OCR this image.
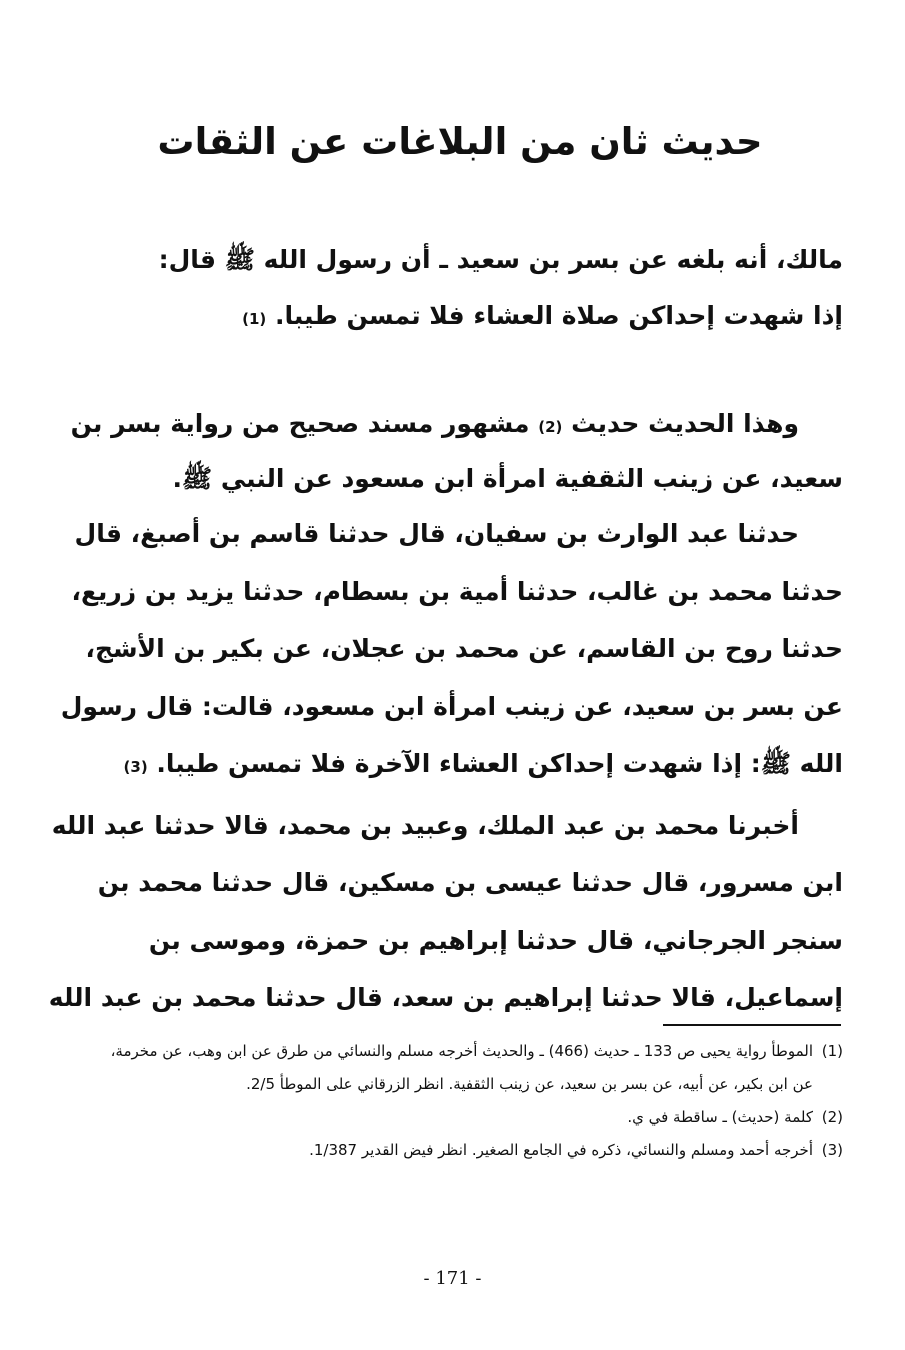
حديث ثان من البلاغات عن الثقات
مالك، أنه بلغه عن بسر بن سعيد ـ أن رسول الله ﷺ قال:
إذا شهدت إحداكن صلاة العشاء فلا تمسن طيبا. (1)
وهذا الحديث حديث (2) مشهور مسند صحيح من رواية بسر بن
سعيد، عن زينب الثقفية امرأة ابن مسعود عن النبي ﷺ.
حدثنا عبد الوارث بن سفيان، قال حدثنا قاسم بن أصبغ، قال
حدثنا محمد بن غالب، حدثنا أمية بن بسطام، حدثنا يزيد بن زريع،
حدثنا روح بن القاسم، عن محمد بن عجلان، عن بكير بن الأشج،
عن بسر بن سعيد، عن زينب امرأة ابن مسعود، قالت: قال رسول
الله ﷺ: إذا شهدت إحداكن العشاء الآخرة فلا تمسن طيبا. (3)
أخبرنا محمد بن عبد الملك، وعبيد بن محمد، قالا حدثنا عبد الله
ابن مسرور، قال حدثنا عيسى بن مسكين، قال حدثنا محمد بن
سنجر الجرجاني، قال حدثنا إبراهيم بن حمزة، وموسى بن
إسماعيل، قالا حدثنا إبراهيم بن سعد، قال حدثنا محمد بن عبد الله
(1)
الموطأ رواية يحيى ص 133 ـ حديث (466) ـ والحديث أخرجه مسلم والنسائي من طرق عن ابن وهب، عن مخرمة، عن ابن بكير، عن أبيه، عن بسر بن سعيد، عن زينب الثقفية. انظر الزرقاني على الموطأ 2/5.
(2)
كلمة (حديث) ـ ساقطة في ي.
(3)
أخرجه أحمد ومسلم والنسائي، ذكره في الجامع الصغير. انظر فيض القدير 1/387.
- 171 -
